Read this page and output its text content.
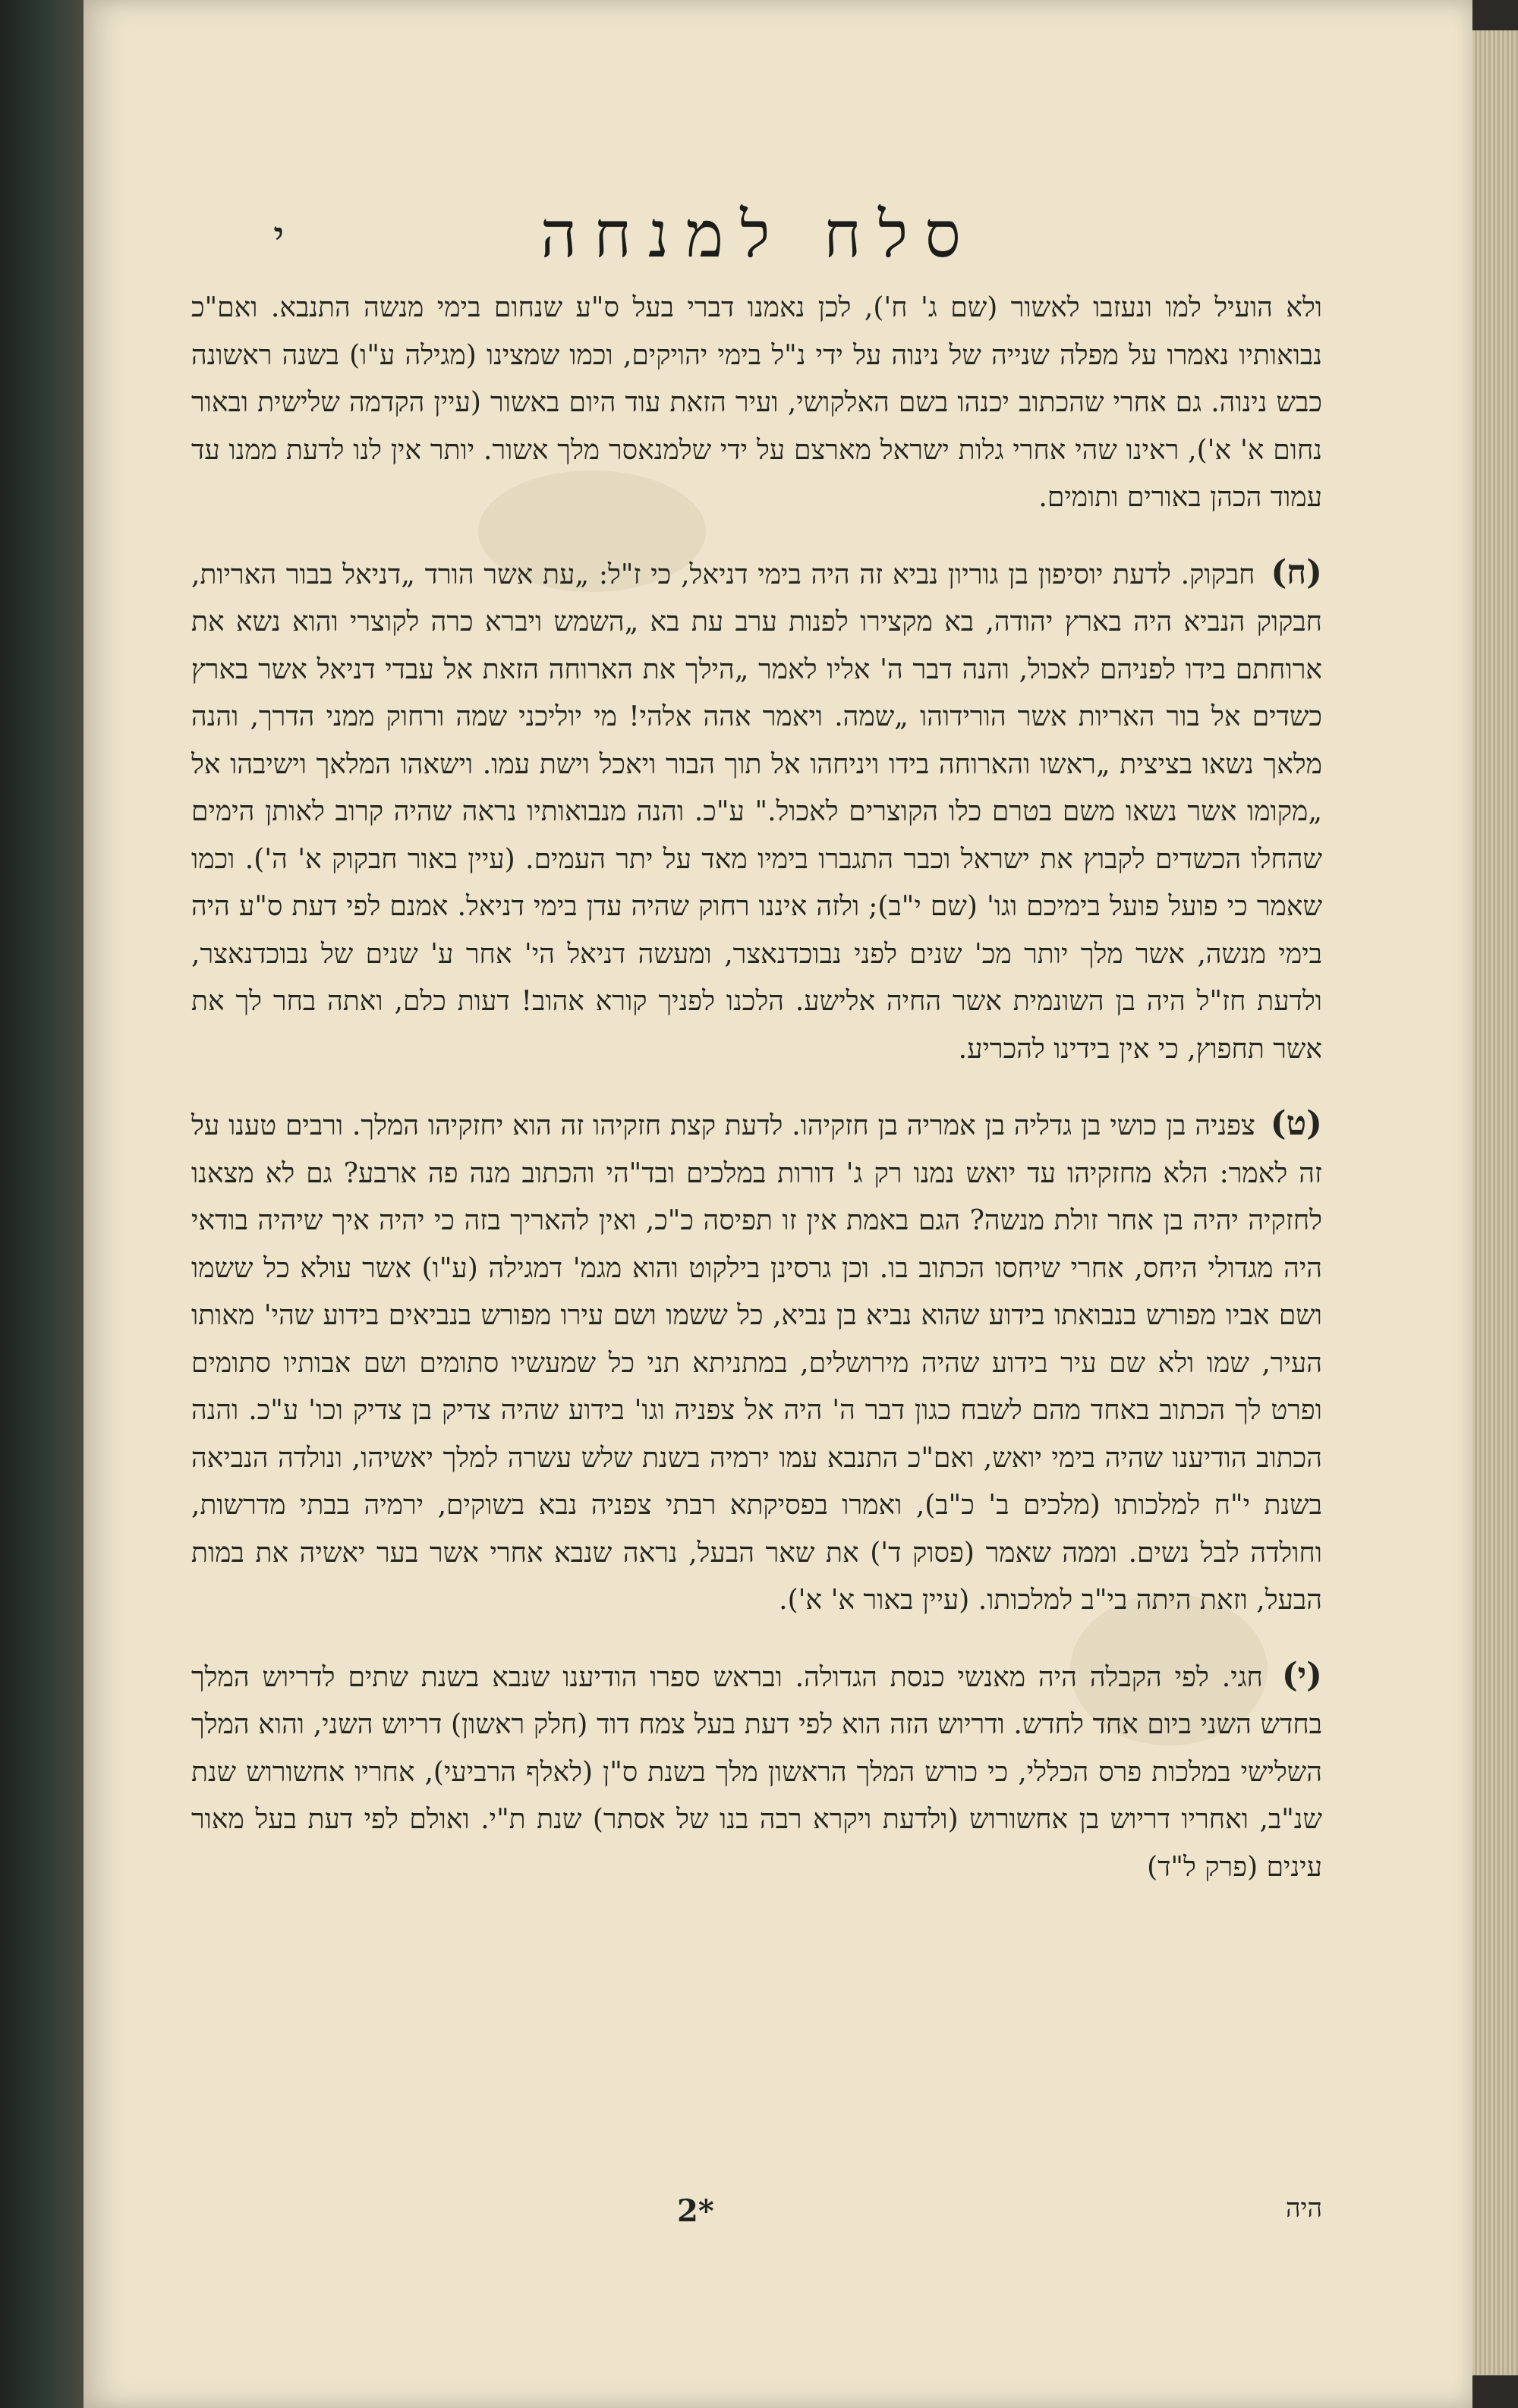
י	סלח למנחה

ולא הועיל למו ונעזבו לאשור (שם ג' ח'), לכן נאמנו דברי בעל ס"ע שנחום בימי מנשה התנבא. ואם"כ נבואותיו נאמרו על מפלה שנייה של נינוה על ידי נ"ל בימי יהויקים, וכמו שמצינו (מגילה ע"ו) בשנה ראשונה כבש נינוה. גם אחרי שהכתוב יכנהו בשם האלקושי, ועיר הזאת עוד היום באשור (עיין הקדמה שלישית ובאור נחום א' א'), ראינו שהי אחרי גלות ישראל מארצם על ידי שלמנאסר מלך אשור. יותר אין לנו לדעת ממנו עד עמוד הכהן באורים ותומים.

(ח) חבקוק. לדעת יוסיפון בן גוריון נביא זה היה בימי דניאל, כי ז"ל: „עת אשר הורד „דניאל בבור האריות, חבקוק הנביא היה בארץ יהודה, בא מקצירו לפנות ערב עת בא „השמש ויברא כרה לקוצרי והוא נשא את ארוחתם בידו לפניהם לאכול, והנה דבר ה' אליו לאמר „הילך את הארוחה הזאת אל עבדי דניאל אשר בארץ כשדים אל בור האריות אשר הורידוהו „שמה. ויאמר אהה אלהי! מי יוליכני שמה ורחוק ממני הדרך, והנה מלאך נשאו בציצית „ראשו והארוחה בידו ויניחהו אל תוך הבור ויאכל וישת עמו. וישאהו המלאך וישיבהו אל „מקומו אשר נשאו משם בטרם כלו הקוצרים לאכול." ע"כ. והנה מנבואותיו נראה שהיה קרוב לאותן הימים שהחלו הכשדים לקבוץ את ישראל וכבר התגברו בימיו מאד על יתר העמים. (עיין באור חבקוק א' ה'). וכמו שאמר כי פועל פועל בימיכם וגו' (שם י"ב); ולזה איננו רחוק שהיה עדן בימי דניאל. אמנם לפי דעת ס"ע היה בימי מנשה, אשר מלך יותר מכ' שנים לפני נבוכדנאצר, ומעשה דניאל הי' אחר ע' שנים של נבוכדנאצר, ולדעת חז"ל היה בן השונמית אשר החיה אלישע. הלכנו לפניך קורא אהוב! דעות כלם, ואתה בחר לך את אשר תחפוץ, כי אין בידינו להכריע.

(ט) צפניה בן כושי בן גדליה בן אמריה בן חזקיהו. לדעת קצת חזקיהו זה הוא יחזקיהו המלך. ורבים טענו על זה לאמר: הלא מחזקיהו עד יואש נמנו רק ג' דורות במלכים ובד"הי והכתוב מנה פה ארבע? גם לא מצאנו לחזקיה יהיה בן אחר זולת מנשה? הגם באמת אין זו תפיסה כ"כ, ואין להאריך בזה כי יהיה איך שיהיה בודאי היה מגדולי היחס, אחרי שיחסו הכתוב בו. וכן גרסינן בילקוט והוא מגמ' דמגילה (ע"ו) אשר עולא כל ששמו ושם אביו מפורש בנבואתו בידוע שהוא נביא בן נביא, כל ששמו ושם עירו מפורש בנביאים בידוע שהי' מאותו העיר, שמו ולא שם עיר בידוע שהיה מירושלים, במתניתא תני כל שמעשיו סתומים ושם אבותיו סתומים ופרט לך הכתוב באחד מהם לשבח כגון דבר ה' היה אל צפניה וגו' בידוע שהיה צדיק בן צדיק וכו' ע"כ. והנה הכתוב הודיענו שהיה בימי יואש, ואם"כ התנבא עמו ירמיה בשנת שלש עשרה למלך יאשיהו, ונולדה הנביאה בשנת י"ח למלכותו (מלכים ב' כ"ב), ואמרו בפסיקתא רבתי צפניה נבא בשוקים, ירמיה בבתי מדרשות, וחולדה לבל נשים. וממה שאמר (פסוק ד') את שאר הבעל, נראה שנבא אחרי אשר בער יאשיה את במות הבעל, וזאת היתה בי"ב למלכותו. (עיין באור א' א').

(י) חגי. לפי הקבלה היה מאנשי כנסת הגדולה. ובראש ספרו הודיענו שנבא בשנת שתים לדריוש המלך בחדש השני ביום אחד לחדש. ודריוש הזה הוא לפי דעת בעל צמח דוד (חלק ראשון) דריוש השני, והוא המלך השלישי במלכות פרס הכללי, כי כורש המלך הראשון מלך בשנת ס"ן (לאלף הרביעי), אחריו אחשורוש שנת שנ"ב, ואחריו דריוש בן אחשורוש (ולדעת ויקרא רבה בנו של אסתר) שנת ת"י. ואולם לפי דעת בעל מאור עינים (פרק ל"ד)

2*	היה
